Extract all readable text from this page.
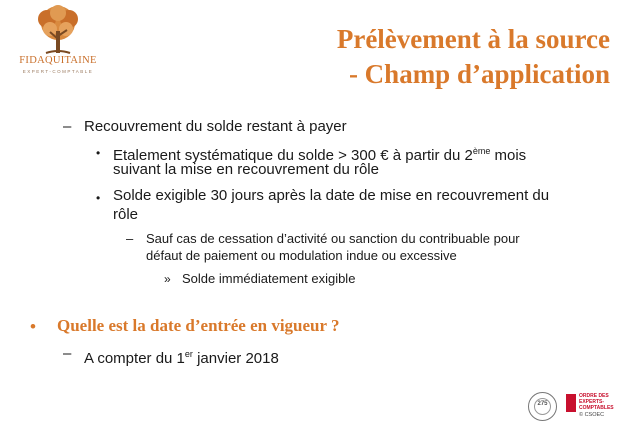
FIDAQUITAINE
EXPERT-COMPTABLE
Prélèvement à la source
- Champ d’application
– Recouvrement du solde restant à payer
• Etalement systématique du solde > 300 € à partir du 2ème mois
suivant la mise en recouvrement du rôle
• Solde exigible 30 jours après la date de mise en recouvrement du
rôle
– Sauf cas de cessation d’activité ou sanction du contribuable pour
défaut de paiement ou modulation indue ou excessive
» Solde immédiatement exigible
• Quelle est la date d’entrée en vigueur ?
– A compter du 1er janvier 2018
275
ORDRE DES EXPERTS-COMPTABLES
© CSOEC
